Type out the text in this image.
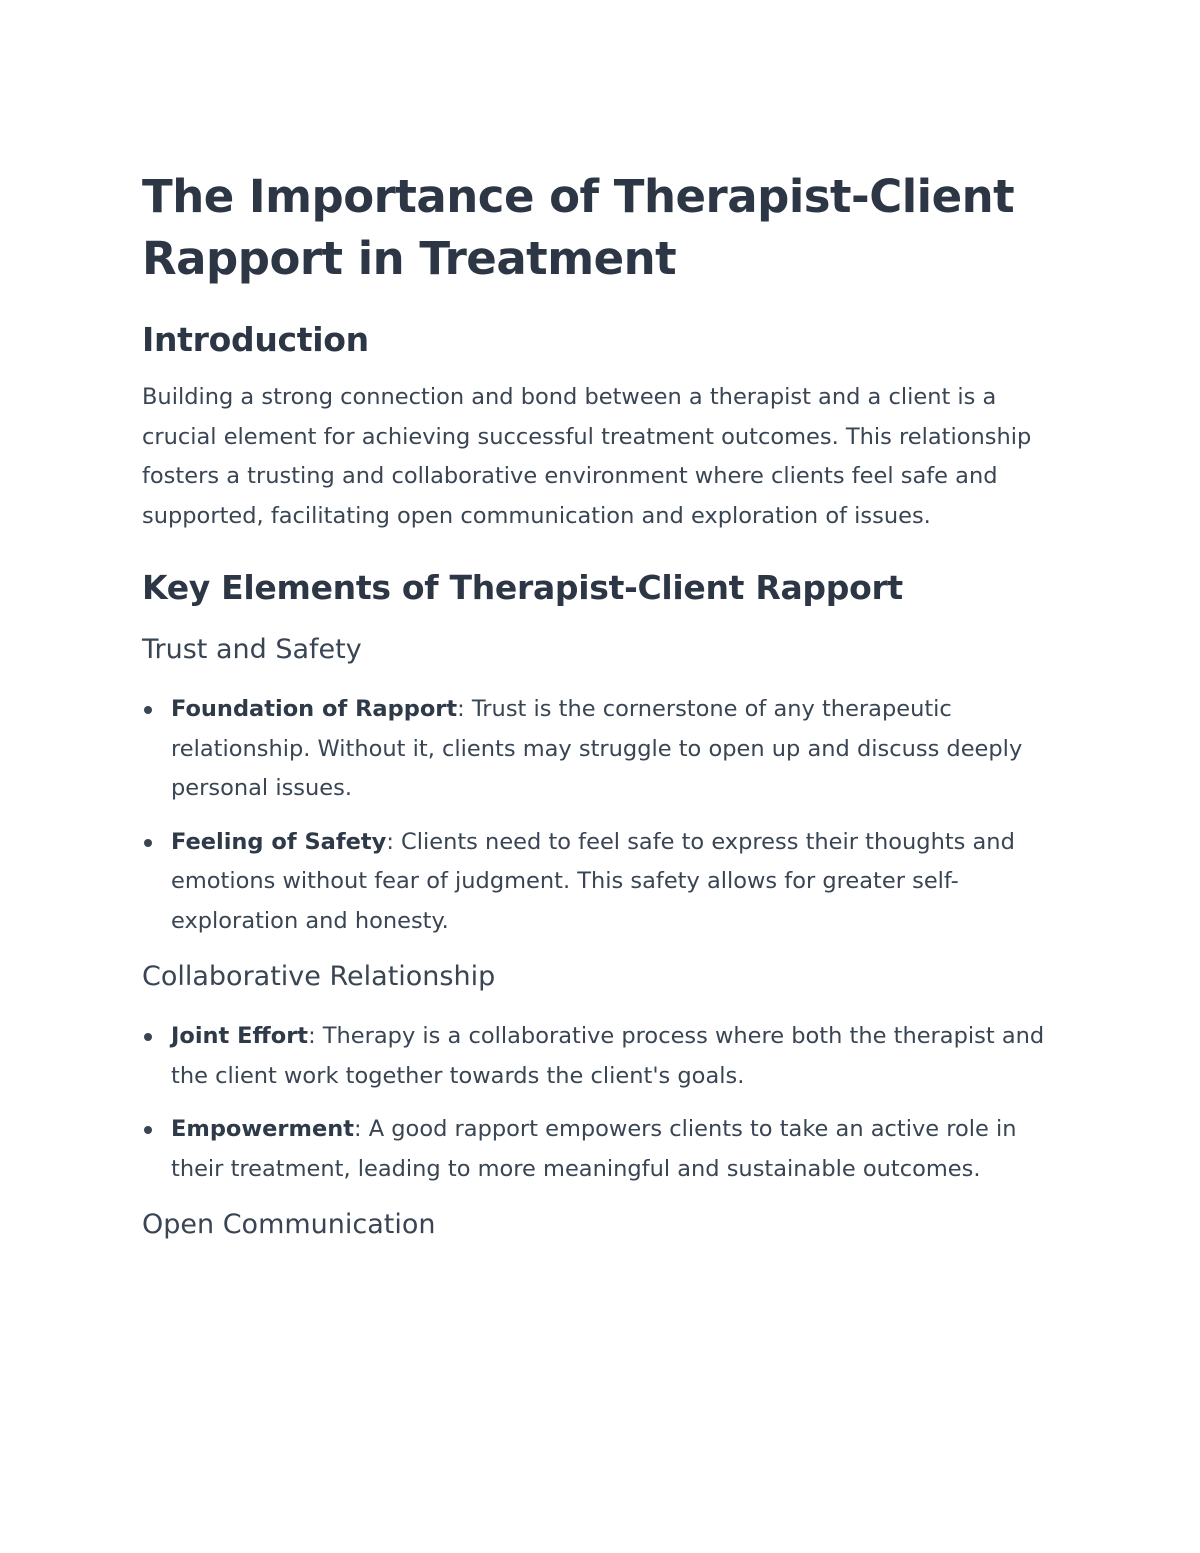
The Importance of Therapist-Client Rapport in Treatment
Introduction

Building a strong connection and bond between a therapist and a client is a crucial element for achieving successful treatment outcomes. This relationship fosters a trusting and collaborative environment where clients feel safe and supported, facilitating open communication and exploration of issues.

Key Elements of Therapist-Client Rapport
Trust and Safety
Foundation of Rapport: Trust is the cornerstone of any therapeutic relationship. Without it, clients may struggle to open up and discuss deeply personal issues.
Feeling of Safety: Clients need to feel safe to express their thoughts and emotions without fear of judgment. This safety allows for greater self-exploration and honesty.
Collaborative Relationship
Joint Effort: Therapy is a collaborative process where both the therapist and the client work together towards the client's goals.
Empowerment: A good rapport empowers clients to take an active role in their treatment, leading to more meaningful and sustainable outcomes.
Open Communication
